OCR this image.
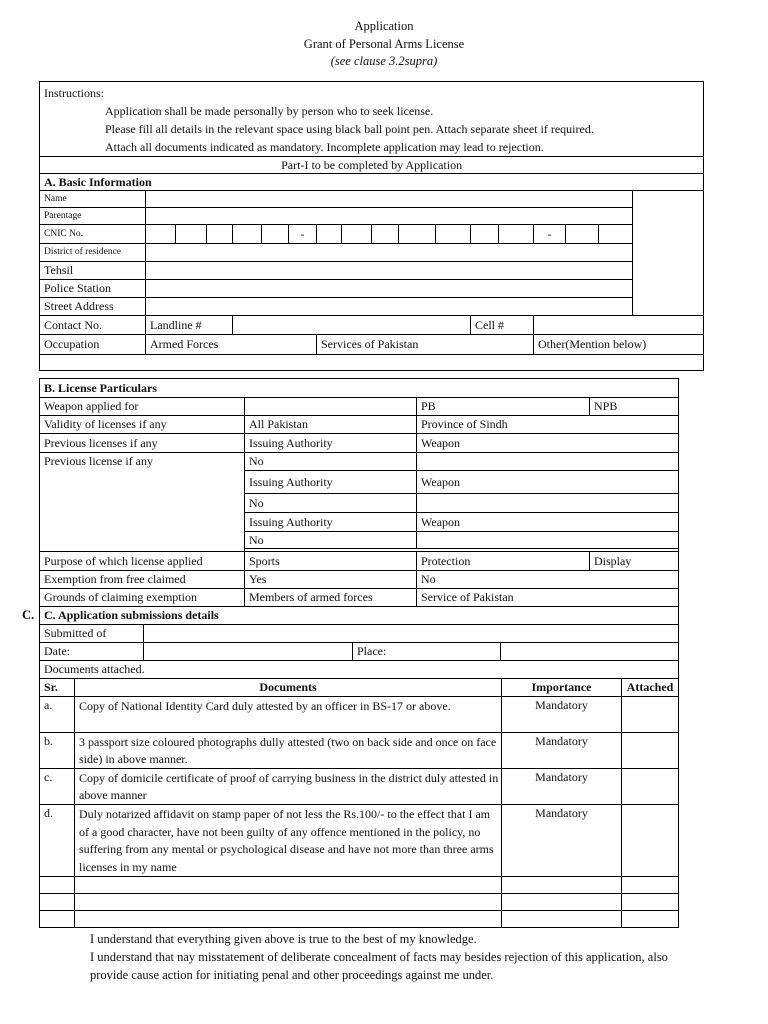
Application
Grant of Personal Arms License
(see clause 3.2supra)
Instructions:
Application shall be made personally by person who to seek license.
Please fill all details in the relevant space using black ball point pen. Attach separate sheet if required.
Attach all documents indicated as mandatory. Incomplete application may lead to rejection.																	

Part-I to be completed by Application																	
A. Basic Information																	
Name																	
Parentage																	
CNIC No.						-								-			
District of residence																	
Tehsil																	
Police Station																	
Street Address																	
Contact No.	Landline #											Cell #					
Occupation	Armed Forces						Services of Pakistan							Other(Mention below)			

B. License Particulars			
Weapon applied for		PB	NPB
Validity of licenses if any	All Pakistan	Province of Sindh	
Previous licenses if any	Issuing Authority	Weapon	
Previous license if any	No		
	Issuing Authority	Weapon	
	No		
	Issuing Authority	Weapon	
	No		

Purpose of which license applied	Sports	Protection	Display
Exemption from free claimed	Yes	No	
Grounds of claiming exemption	Members of armed forces	Service of Pakistan	
C. C. Application submissions details			
Submitted of			
Date:		Place:	
Documents attached.			
Sr.	Documents	Importance	Attached
a.	Copy of National Identity Card duly attested by an officer in BS-17 or above.	Mandatory	
b.	3 passport size coloured photographs dully attested (two on back side and once on face side) in above manner.	Mandatory	
c.	Copy of domicile certificate of proof of carrying business in the district duly attested in above manner	Mandatory	
d.	Duly notarized affidavit on stamp paper of not less the Rs.100/- to the effect that I am of a good character, have not been guilty of any offence mentioned in the policy, no suffering from any mental or psychological disease and have not more than three arms licenses in my name	Mandatory	

I understand that everything given above is true to the best of my knowledge.
I understand that nay misstatement of deliberate concealment of facts may besides rejection of this application, also provide cause action for initiating penal and other proceedings against me under.
